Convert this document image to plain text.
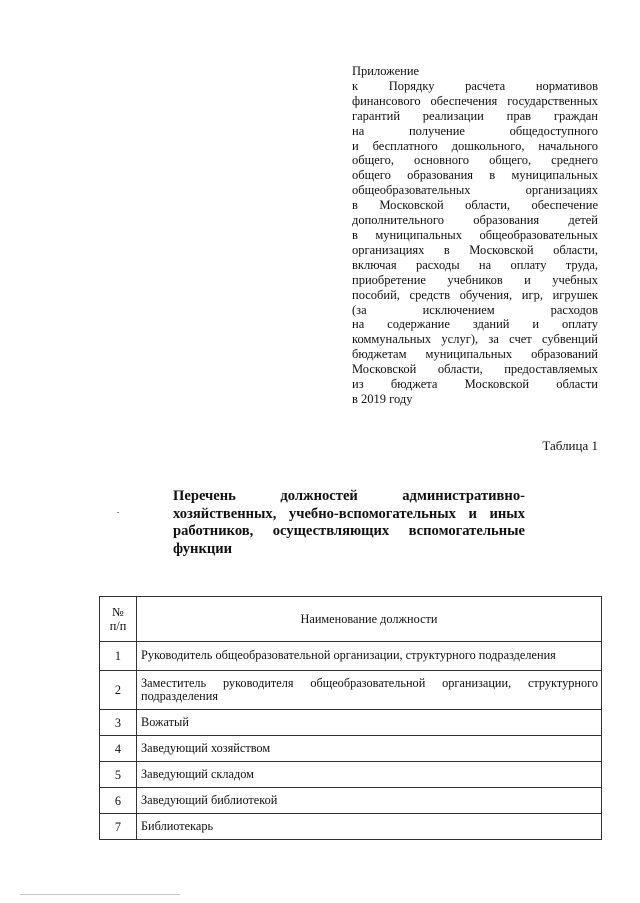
Приложение
к Порядку расчета нормативов
финансового обеспечения государственных
гарантий реализации прав граждан
на получение общедоступного
и бесплатного дошкольного, начального
общего, основного общего, среднего
общего образования в муниципальных
общеобразовательных организациях
в Московской области, обеспечение
дополнительного образования детей
в муниципальных общеобразовательных
организациях в Московской области,
включая расходы на оплату труда,
приобретение учебников и учебных
пособий, средств обучения, игр, игрушек
(за исключением расходов
на содержание зданий и оплату
коммунальных услуг), за счет субвенций
бюджетам муниципальных образований
Московской области, предоставляемых
из бюджета Московской области
в 2019 году
Таблица 1
Перечень должностей административно-
хозяйственных, учебно-вспомогательных и иных
работников, осуществляющих вспомогательные
функции
№
п/п	Наименование должности
1	Руководитель общеобразовательной организации, структурного подразделения
2	Заместитель руководителя общеобразовательной организации, структурного подразделения
3	Вожатый
4	Заведующий хозяйством
5	Заведующий складом
6	Заведующий библиотекой
7	Библиотекарь
